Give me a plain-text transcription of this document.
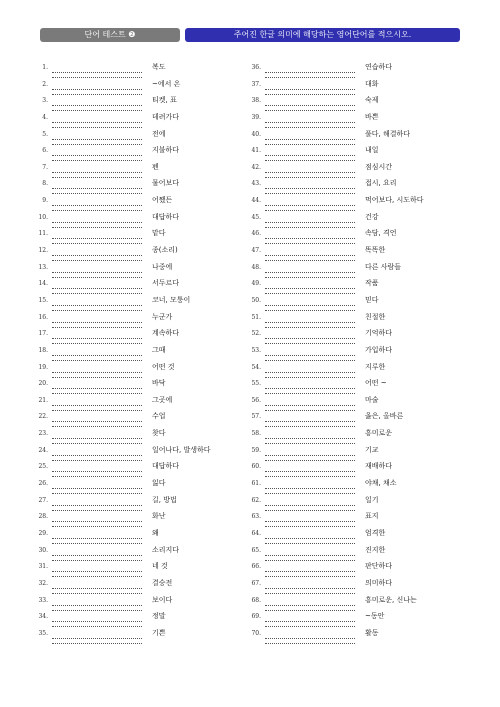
단어 테스트 ❷	주어진 한글 의미에 해당하는 영어단어를 적으시오.
1.	복도
2.	~에서 온
3.	티켓, 표
4.	데려가다
5.	전에
6.	지불하다
7.	펜
8.	물어보다
9.	어쨌든
10.	대답하다
11.	맡다
12.	종(소리)
13.	나중에
14.	서두르다
15.	코너, 모퉁이
16.	누군가
17.	계속하다
18.	그때
19.	어떤 것
20.	바닥
21.	그곳에
22.	수업
23.	찾다
24.	일어나다, 발생하다
25.	대답하다
26.	잃다
27.	길, 방법
28.	화난
29.	왜
30.	소리지다
31.	네 것
32.	결승전
33.	보이다
34.	정말
35.	기쁜
36.	연습하다
37.	대화
38.	숙제
39.	바쁜
40.	풀다, 해결하다
41.	내일
42.	점심시간
43.	접시, 요리
44.	먹어보다, 시도하다
45.	건강
46.	속담, 격언
47.	똑똑한
48.	다른 사람들
49.	작품
50.	믿다
51.	친절한
52.	기억하다
53.	가입하다
54.	지루한
55.	어떤 ~
56.	마술
57.	옳은, 올바른
58.	흥미로운
59.	기교
60.	재배하다
61.	야채, 채소
62.	일기
63.	표지
64.	엄격한
65.	진지한
66.	판단하다
67.	의미하다
68.	흥미로운, 신나는
69.	~동안
70.	활동
